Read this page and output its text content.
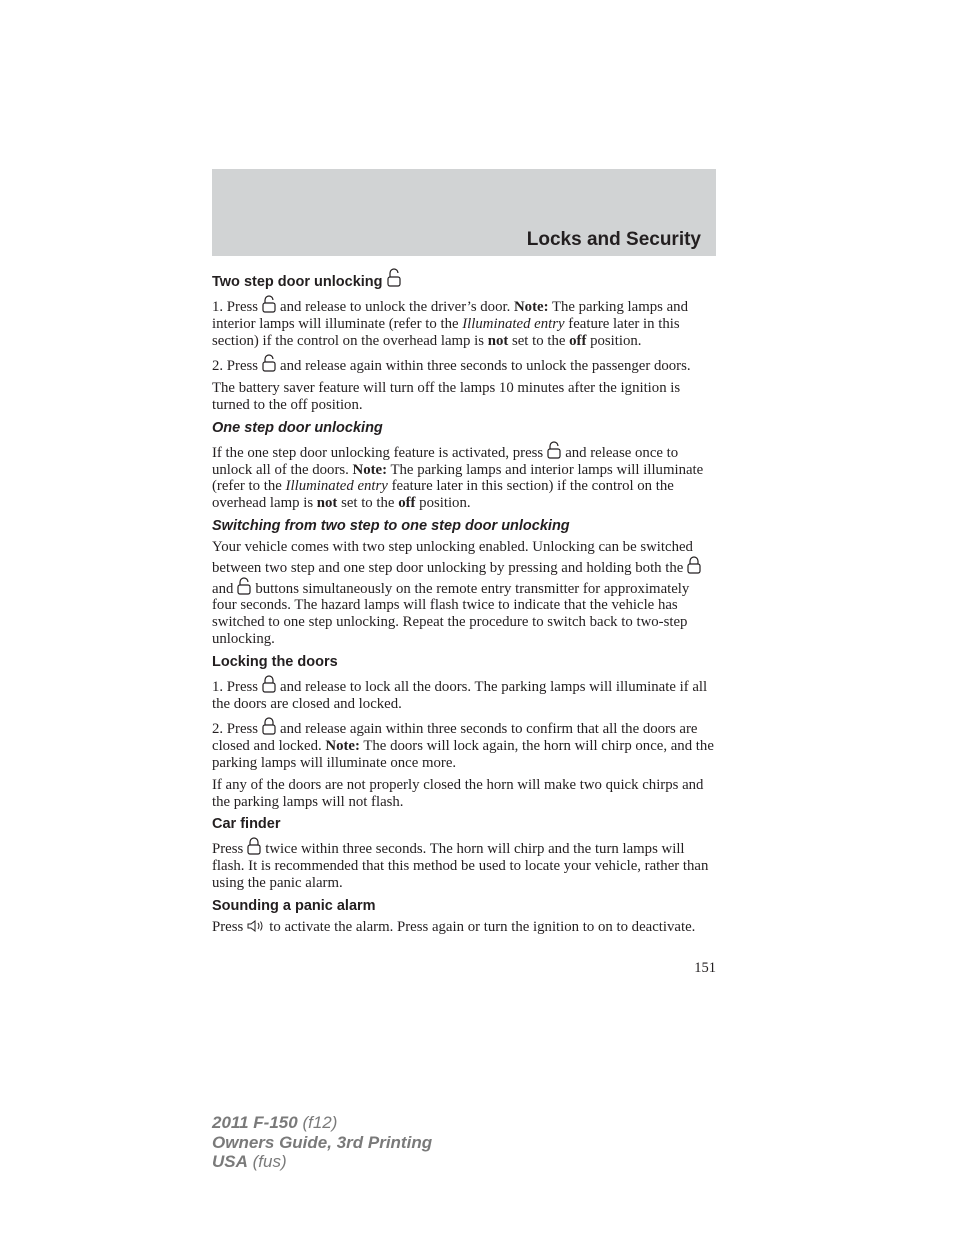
Locks and Security
Two step door unlocking

1. Press and release to unlock the driver’s door. Note: The parking lamps and interior lamps will illuminate (refer to the Illuminated entry feature later in this section) if the control on the overhead lamp is not set to the off position.

2. Press and release again within three seconds to unlock the passenger doors.

The battery saver feature will turn off the lamps 10 minutes after the ignition is turned to the off position.

One step door unlocking

If the one step door unlocking feature is activated, press and release once to unlock all of the doors. Note: The parking lamps and interior lamps will illuminate (refer to the Illuminated entry feature later in this section) if the control on the overhead lamp is not set to the off position.

Switching from two step to one step door unlocking

Your vehicle comes with two step unlocking enabled. Unlocking can be switched between two step and one step door unlocking by pressing and holding both the
and buttons simultaneously on the remote entry transmitter for approximately four seconds. The hazard lamps will flash twice to indicate that the vehicle has switched to one step unlocking. Repeat the procedure to switch back to two-step unlocking.

Locking the doors

1. Press and release to lock all the doors. The parking lamps will illuminate if all the doors are closed and locked.

2. Press and release again within three seconds to confirm that all the doors are closed and locked. Note: The doors will lock again, the horn will chirp once, and the parking lamps will illuminate once more.

If any of the doors are not properly closed the horn will make two quick chirps and the parking lamps will not flash.

Car finder

Press twice within three seconds. The horn will chirp and the turn lamps will flash. It is recommended that this method be used to locate your vehicle, rather than using the panic alarm.

Sounding a panic alarm

Press to activate the alarm. Press again or turn the ignition to on to deactivate.

151
2011 F-150 (f12)
Owners Guide, 3rd Printing
USA (fus)
